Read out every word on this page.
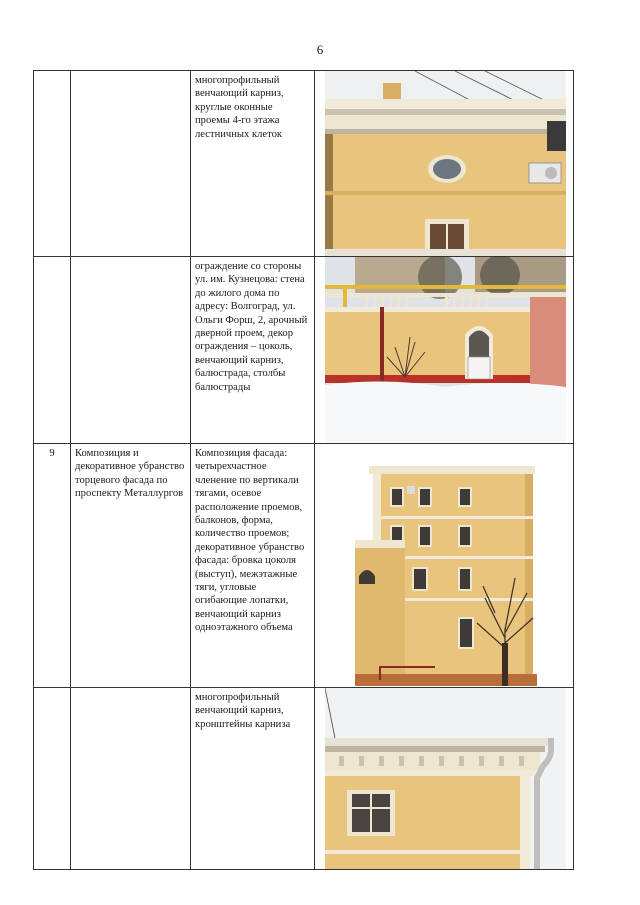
6
		многопрофильный венчающий карниз, круглые оконные проемы 4-го этажа лестничных клеток	

		ограждение со стороны ул. им. Кузнецова: стена до жилого дома по адресу: Волгоград, ул. Ольги Форш, 2, арочный дверной проем, декор ограждения – цоколь, венчающий карниз, балюстрада, столбы балюстрады	

9	Композиция и декоративное убранство торцевого фасада по проспекту Металлургов	Композиция фасада: четырехчастное членение по вертикали тягами, осевое расположение проемов, балконов, форма, количество проемов; декоративное убранство фасада: бровка цоколя (выступ), межэтажные тяги, угловые огибающие лопатки, венчающий карниз одноэтажного объема	

		многопрофильный венчающий карниз, кронштейны карниза	
